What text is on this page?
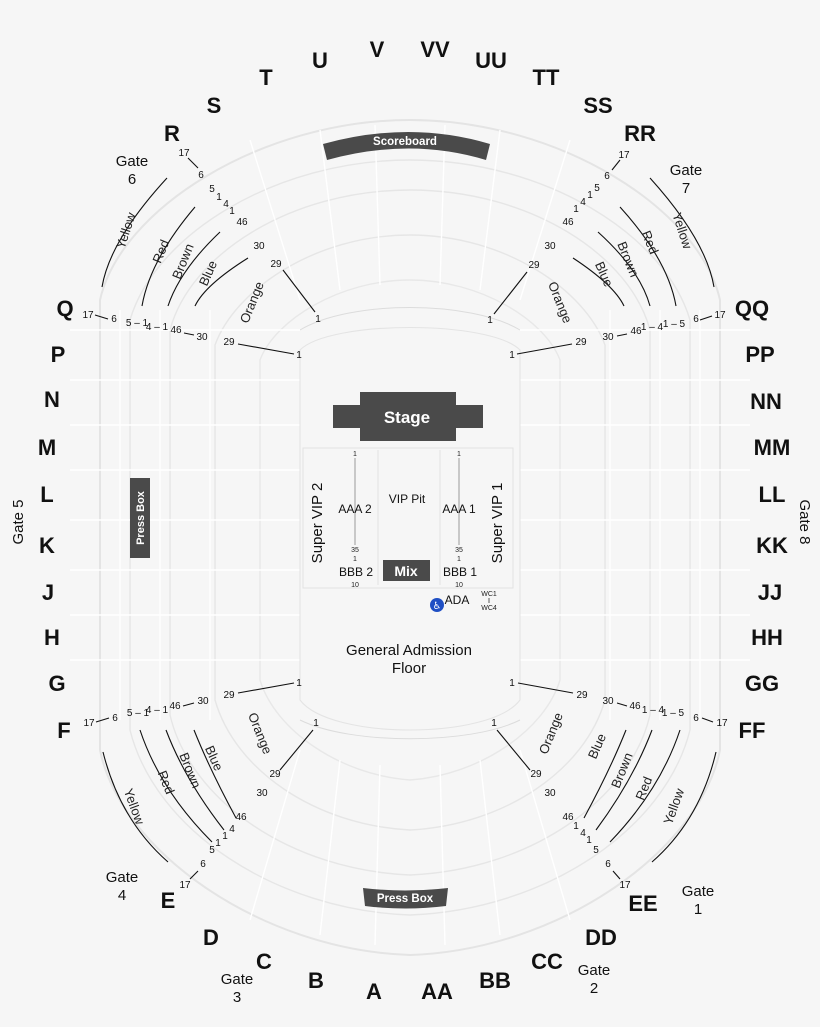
Scoreboard
Press Box
Press Box
Stage
1	1
35	35
1	1
10	10
Super VIP 2	Super VIP 1
AAA 2	AAA 1
VIP Pit
BBB 2	BBB 1
Mix
♿ ADA WC1
WC4
General Admission
Floor
R
S
T
U V VV UU
TT
SS
RR
Q
P
N
M
L
K
J
H
G
F
QQ
PP
NN
MM
LL
KK
JJ
HH
GG
FF
E
D
C
B A AA BB
CC
DD
EE
Gate
6
Gate
7
Gate 5	Gate 8
Gate
4	Gate
1
Gate
3
Gate
2
Yellow
Red
Brown Blue
Orange
Yellow
Red
Brown
Blue
Orange
Yellow
Red
Brown
Blue
Orange
Yellow
Red
Brown
Blue
Orange
17
6
5
1
4
1
46
30
29
1
17
6
5
1
4
1
46
30
29
1
17 6 5 – 1
4 – 1 46
30 29
1
17
6
1 – 5
1 – 4
46
30
29
1
29
1
30
46
4 – 1
5 – 1
6
17
1
29
30 46 1 – 4
1 – 5 6 17
1
29
30
46
4
1
1
5
6
17
1
29
30
46
1
4
1
5
6
17
